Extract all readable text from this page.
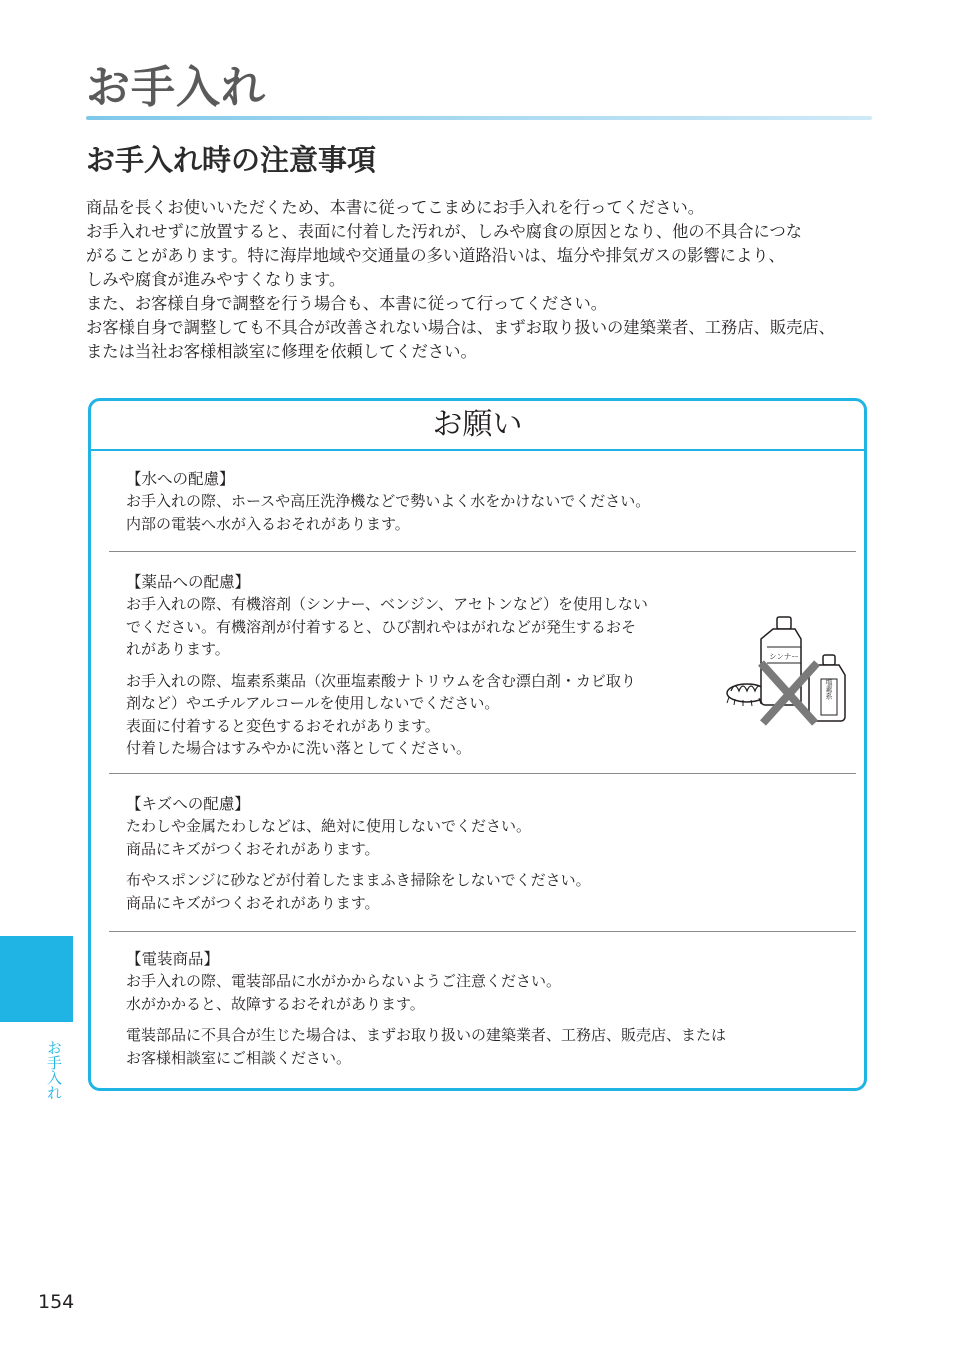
お手入れ
お手入れ時の注意事項

商品を長くお使いいただくため、本書に従ってこまめにお手入れを行ってください。

お手入れせずに放置すると、表面に付着した汚れが、しみや腐食の原因となり、他の不具合につな

がることがあります。特に海岸地域や交通量の多い道路沿いは、塩分や排気ガスの影響により、

しみや腐食が進みやすくなります。

また、お客様自身で調整を行う場合も、本書に従って行ってください。

お客様自身で調整しても不具合が改善されない場合は、まずお取り扱いの建築業者、工務店、販売店、

または当社お客様相談室に修理を依頼してください。

お願い

【水への配慮】

お手入れの際、ホースや高圧洗浄機などで勢いよく水をかけないでください。

内部の電装へ水が入るおそれがあります。

【薬品への配慮】

お手入れの際、有機溶剤（シンナー、ベンジン、アセトンなど）を使用しない

でください。有機溶剤が付着すると、ひび割れやはがれなどが発生するおそ

れがあります。

お手入れの際、塩素系薬品（次亜塩素酸ナトリウムを含む漂白剤・カビ取り

剤など）やエチルアルコールを使用しないでください。

表面に付着すると変色するおそれがあります。

付着した場合はすみやかに洗い落としてください。

シンナー
塩素系

【キズへの配慮】

たわしや金属たわしなどは、絶対に使用しないでください。

商品にキズがつくおそれがあります。

布やスポンジに砂などが付着したままふき掃除をしないでください。

商品にキズがつくおそれがあります。

【電装商品】

お手入れの際、電装部品に水がかからないようご注意ください。

水がかかると、故障するおそれがあります。

電装部品に不具合が生じた場合は、まずお取り扱いの建築業者、工務店、販売店、または

お客様相談室にご相談ください。

お手入れ
154
